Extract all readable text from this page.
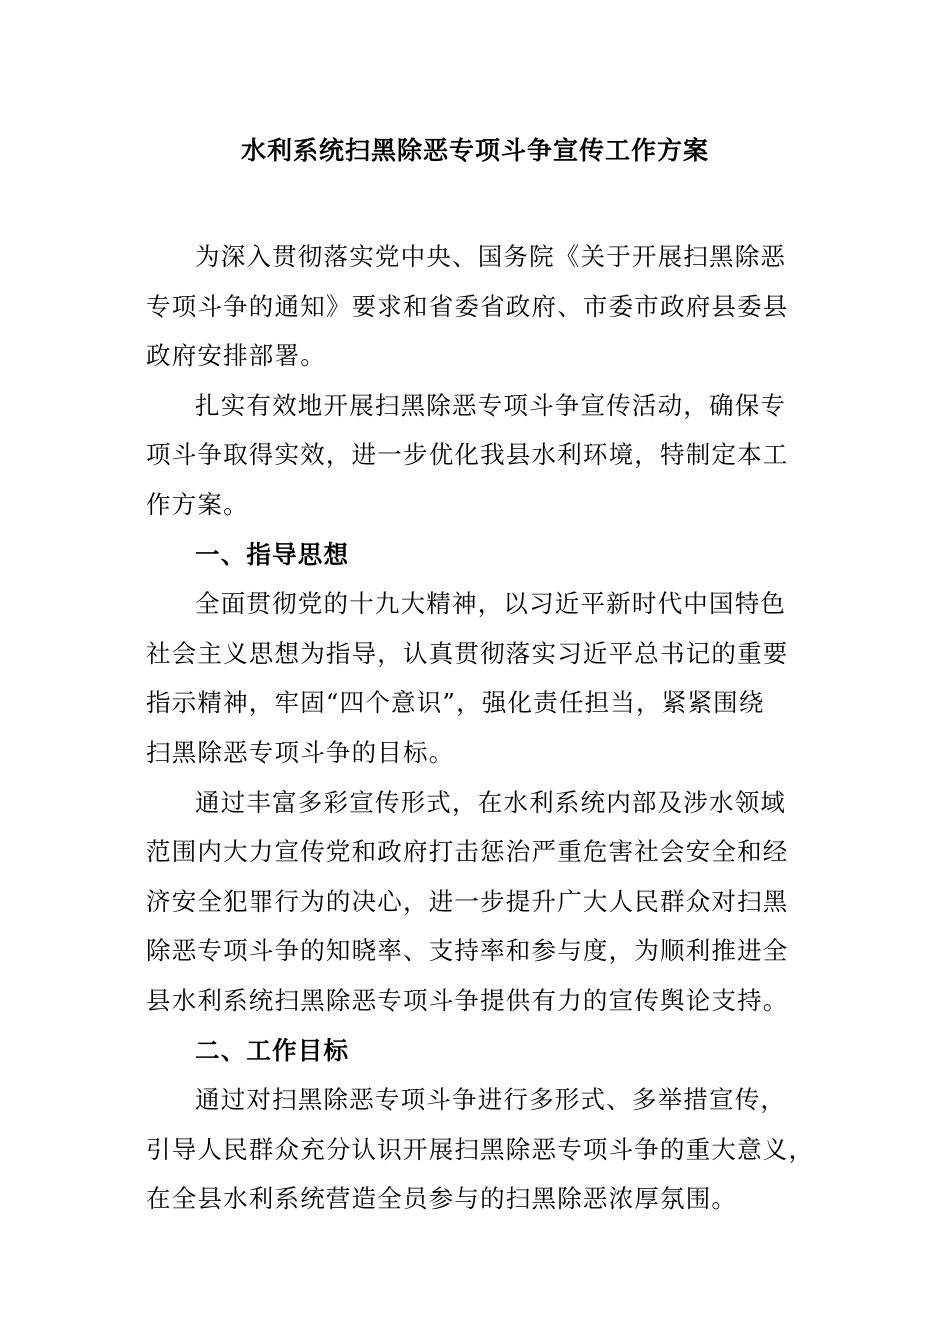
水利系统扫黑除恶专项斗争宣传工作方案

为深入贯彻落实党中央、国务院《关于开展扫黑除恶
专项斗争的通知》要求和省委省政府、市委市政府县委县
政府安排部署。

扎实有效地开展扫黑除恶专项斗争宣传活动，确保专
项斗争取得实效，进一步优化我县水利环境，特制定本工
作方案。

一、指导思想

全面贯彻党的十九大精神，以习近平新时代中国特色
社会主义思想为指导，认真贯彻落实习近平总书记的重要
指示精神，牢固“四个意识”，强化责任担当，紧紧围绕
扫黑除恶专项斗争的目标。

通过丰富多彩宣传形式，在水利系统内部及涉水领域
范围内大力宣传党和政府打击惩治严重危害社会安全和经
济安全犯罪行为的决心，进一步提升广大人民群众对扫黑
除恶专项斗争的知晓率、支持率和参与度，为顺利推进全
县水利系统扫黑除恶专项斗争提供有力的宣传舆论支持。

二、工作目标

通过对扫黑除恶专项斗争进行多形式、多举措宣传，
引导人民群众充分认识开展扫黑除恶专项斗争的重大意义，
在全县水利系统营造全员参与的扫黑除恶浓厚氛围。
